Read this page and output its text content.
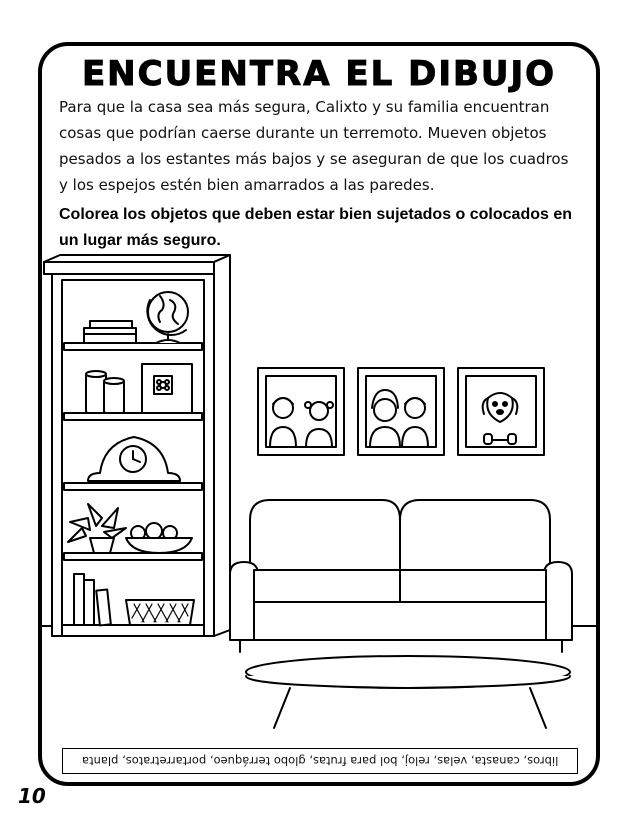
ENCUENTRA EL DIBUJO
Para que la casa sea más segura, Calixto y su familia encuentran cosas que podrían caerse durante un terremoto. Mueven objetos pesados a los estantes más bajos y se aseguran de que los cuadros y los espejos estén bien amarrados a las paredes.
Colorea los objetos que deben estar bien sujetados o colocados en un lugar más seguro.
libros, canasta, velas, reloj, bol para frutas, globo terráqueo, portarretratos, planta
10
